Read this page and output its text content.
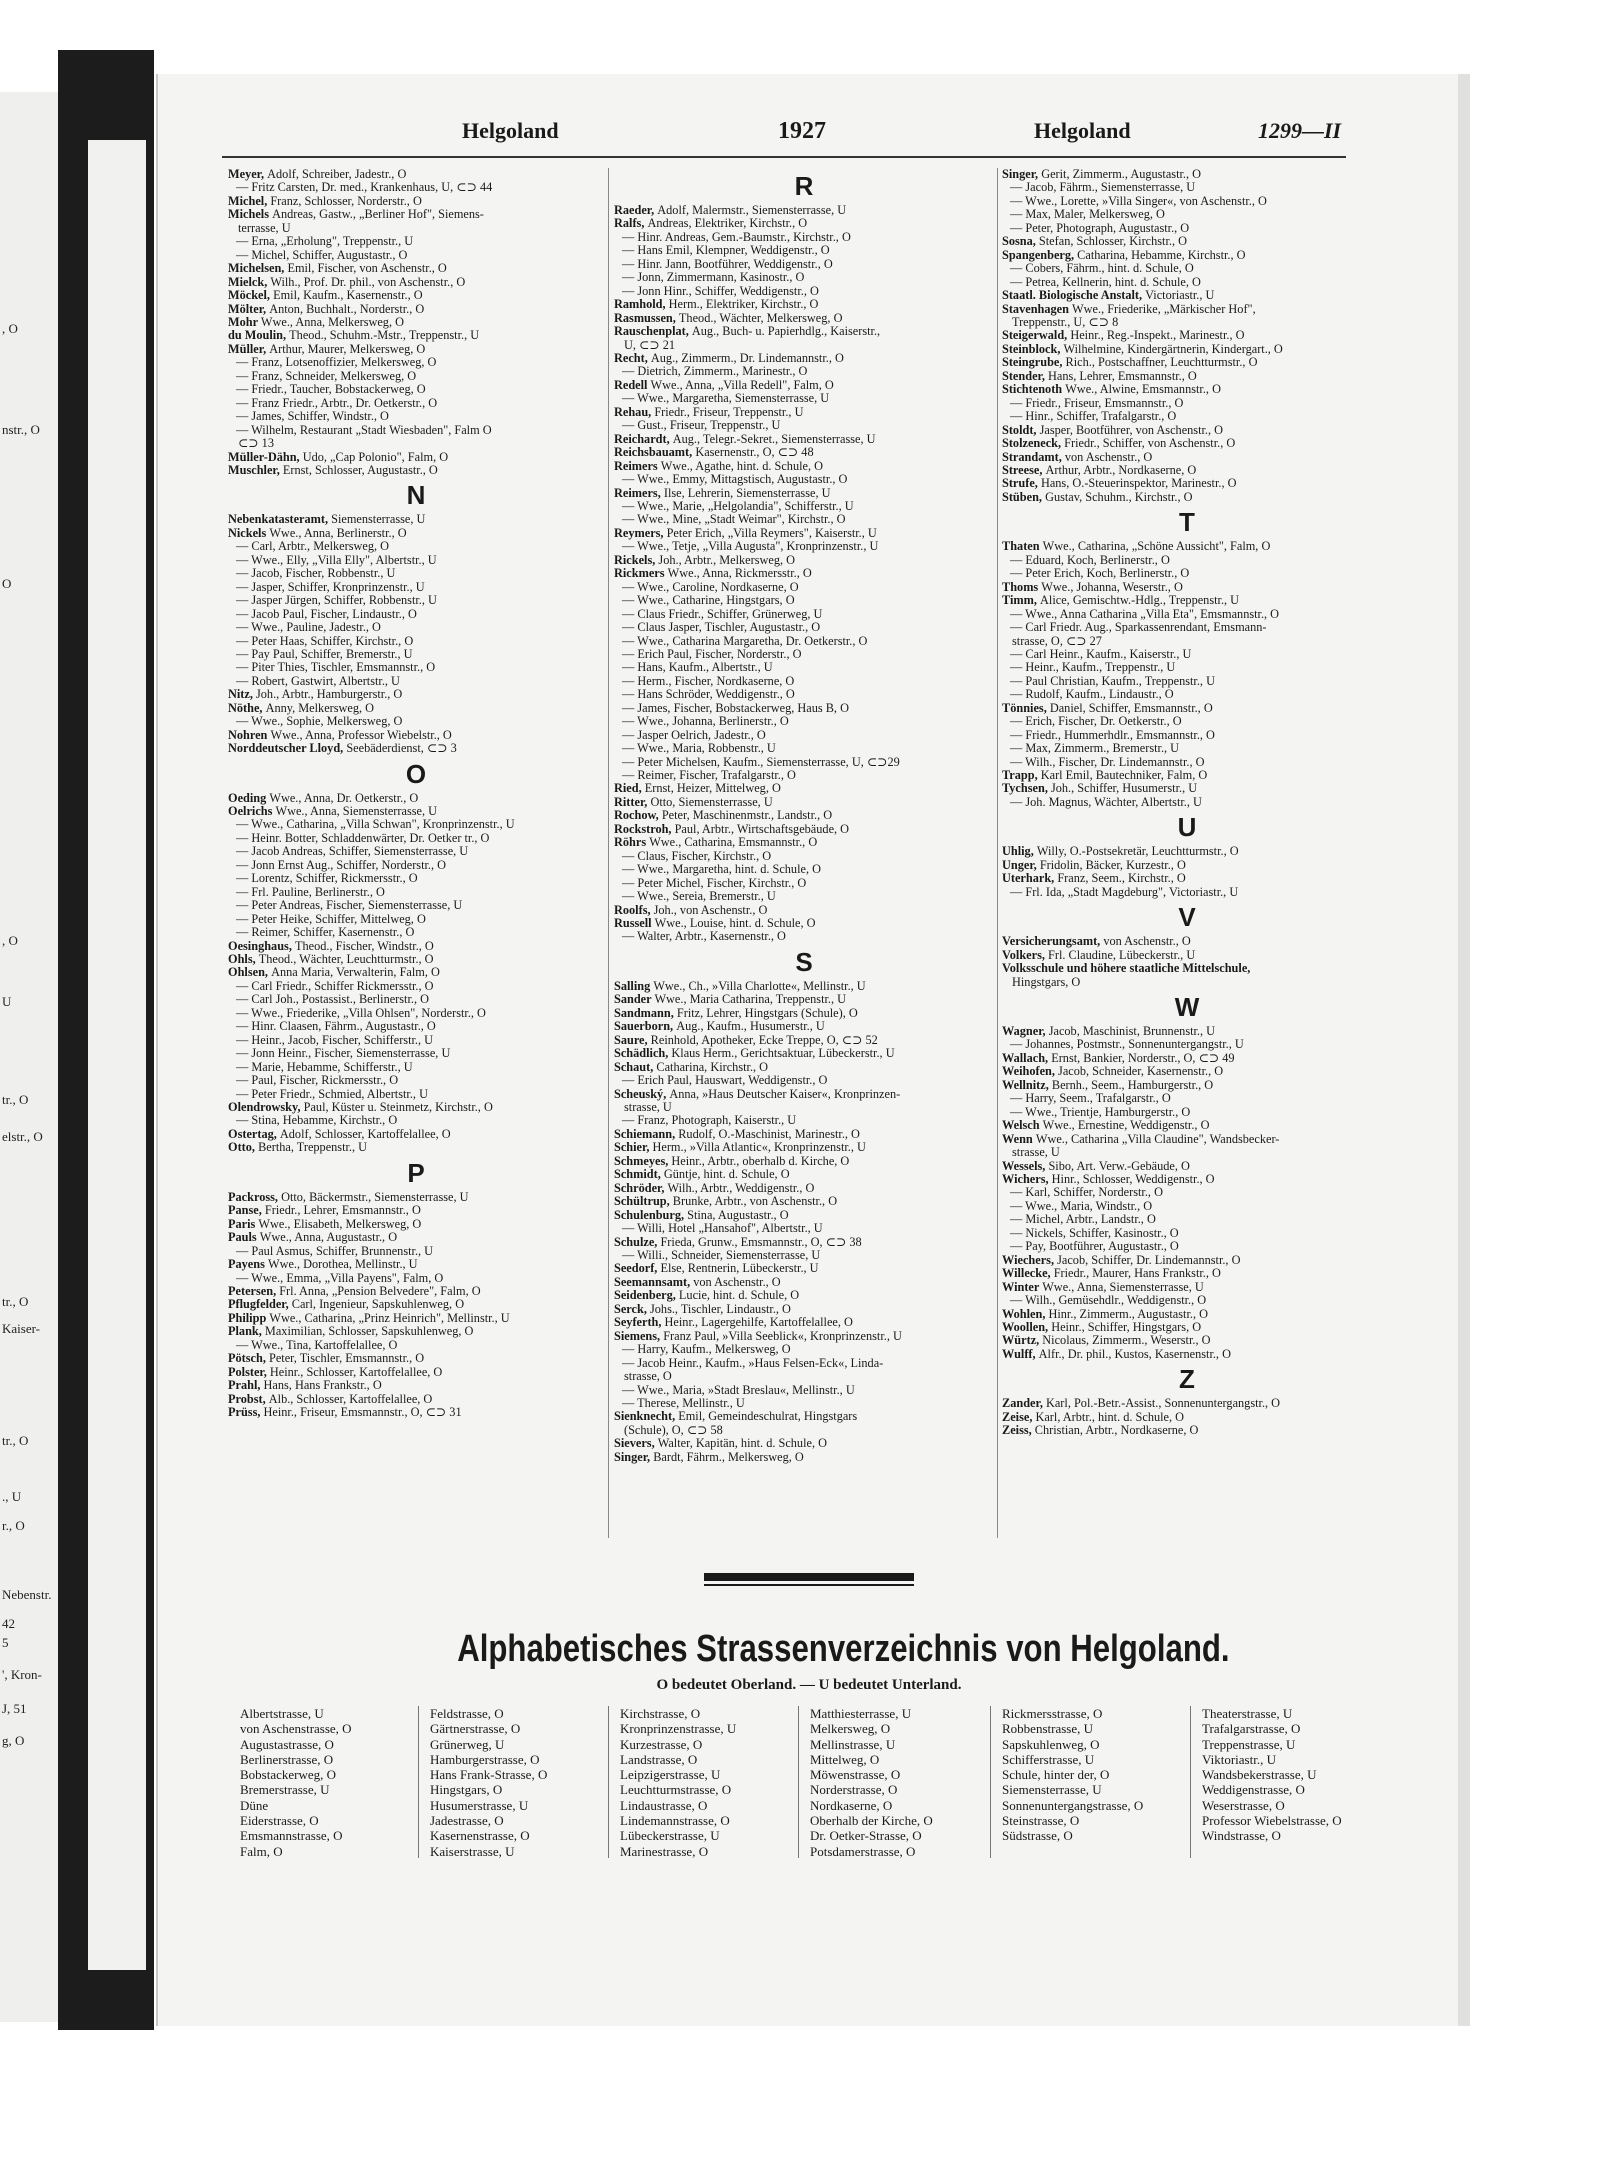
, O
nstr., O
O
, O
U
tr., O
elstr., O
tr., O
Kaiser-
tr., O
., U
r., O
Nebenstr.
42
5
', Kron-
J, 51
g, O
Helgoland	1927	Helgoland	1299—II
Meyer, Adolf, Schreiber, Jadestr., O
— Fritz Carsten, Dr. med., Krankenhaus, U, ⊂⊃ 44
Michel, Franz, Schlosser, Norderstr., O
Michels Andreas, Gastw., „Berliner Hof", Siemens-
terrasse, U
— Erna, „Erholung", Treppenstr., U
— Michel, Schiffer, Augustastr., O
Michelsen, Emil, Fischer, von Aschenstr., O
Mielck, Wilh., Prof. Dr. phil., von Aschenstr., O
Möckel, Emil, Kaufm., Kasernenstr., O
Mölter, Anton, Buchhalt., Norderstr., O
Mohr Wwe., Anna, Melkersweg, O
du Moulin, Theod., Schuhm.-Mstr., Treppenstr., U
Müller, Arthur, Maurer, Melkersweg, O
— Franz, Lotsenoffizier, Melkersweg, O
— Franz, Schneider, Melkersweg, O
— Friedr., Taucher, Bobstackerweg, O
— Franz Friedr., Arbtr., Dr. Oetkerstr., O
— James, Schiffer, Windstr., O
— Wilhelm, Restaurant „Stadt Wiesbaden", Falm O
⊂⊃ 13
Müller-Dähn, Udo, „Cap Polonio", Falm, O
Muschler, Ernst, Schlosser, Augustastr., O
N
Nebenkatasteramt, Siemensterrasse, U
Nickels Wwe., Anna, Berlinerstr., O
— Carl, Arbtr., Melkersweg, O
— Wwe., Elly, „Villa Elly", Albertstr., U
— Jacob, Fischer, Robbenstr., U
— Jasper, Schiffer, Kronprinzenstr., U
— Jasper Jürgen, Schiffer, Robbenstr., U
— Jacob Paul, Fischer, Lindaustr., O
— Wwe., Pauline, Jadestr., O
— Peter Haas, Schiffer, Kirchstr., O
— Pay Paul, Schiffer, Bremerstr., U
— Piter Thies, Tischler, Emsmannstr., O
— Robert, Gastwirt, Albertstr., U
Nitz, Joh., Arbtr., Hamburgerstr., O
Nöthe, Anny, Melkersweg, O
— Wwe., Sophie, Melkersweg, O
Nohren Wwe., Anna, Professor Wiebelstr., O
Norddeutscher Lloyd, Seebäderdienst, ⊂⊃ 3
O
Oeding Wwe., Anna, Dr. Oetkerstr., O
Oelrichs Wwe., Anna, Siemensterrasse, U
— Wwe., Catharina, „Villa Schwan", Kronprinzenstr., U
— Heinr. Botter, Schladdenwärter, Dr. Oetker tr., O
— Jacob Andreas, Schiffer, Siemensterrasse, U
— Jonn Ernst Aug., Schiffer, Norderstr., O
— Lorentz, Schiffer, Rickmersstr., O
— Frl. Pauline, Berlinerstr., O
— Peter Andreas, Fischer, Siemensterrasse, U
— Peter Heike, Schiffer, Mittelweg, O
— Reimer, Schiffer, Kasernenstr., O
Oesinghaus, Theod., Fischer, Windstr., O
Ohls, Theod., Wächter, Leuchtturmstr., O
Ohlsen, Anna Maria, Verwalterin, Falm, O
— Carl Friedr., Schiffer Rickmersstr., O
— Carl Joh., Postassist., Berlinerstr., O
— Wwe., Friederike, „Villa Ohlsen", Norderstr., O
— Hinr. Claasen, Fährm., Augustastr., O
— Heinr., Jacob, Fischer, Schifferstr., U
— Jonn Heinr., Fischer, Siemensterrasse, U
— Marie, Hebamme, Schifferstr., U
— Paul, Fischer, Rickmersstr., O
— Peter Friedr., Schmied, Albertstr., U
Olendrowsky, Paul, Küster u. Steinmetz, Kirchstr., O
— Stina, Hebamme, Kirchstr., O
Ostertag, Adolf, Schlosser, Kartoffelallee, O
Otto, Bertha, Treppenstr., U
P
Packross, Otto, Bäckermstr., Siemensterrasse, U
Panse, Friedr., Lehrer, Emsmannstr., O
Paris Wwe., Elisabeth, Melkersweg, O
Pauls Wwe., Anna, Augustastr., O
— Paul Asmus, Schiffer, Brunnenstr., U
Payens Wwe., Dorothea, Mellinstr., U
— Wwe., Emma, „Villa Payens", Falm, O
Petersen, Frl. Anna, „Pension Belvedere", Falm, O
Pflugfelder, Carl, Ingenieur, Sapskuhlenweg, O
Philipp Wwe., Catharina, „Prinz Heinrich", Mellinstr., U
Plank, Maximilian, Schlosser, Sapskuhlenweg, O
— Wwe., Tina, Kartoffelallee, O
Pötsch, Peter, Tischler, Emsmannstr., O
Polster, Heinr., Schlosser, Kartoffelallee, O
Prahl, Hans, Hans Frankstr., O
Probst, Alb., Schlosser, Kartoffelallee, O
Prüss, Heinr., Friseur, Emsmannstr., O, ⊂⊃ 31
R
Raeder, Adolf, Malermstr., Siemensterrasse, U
Ralfs, Andreas, Elektriker, Kirchstr., O
— Hinr. Andreas, Gem.-Baumstr., Kirchstr., O
— Hans Emil, Klempner, Weddigenstr., O
— Hinr. Jann, Bootführer, Weddigenstr., O
— Jonn, Zimmermann, Kasinostr., O
— Jonn Hinr., Schiffer, Weddigenstr., O
Ramhold, Herm., Elektriker, Kirchstr., O
Rasmussen, Theod., Wächter, Melkersweg, O
Rauschenplat, Aug., Buch- u. Papierhdlg., Kaiserstr.,
U, ⊂⊃ 21
Recht, Aug., Zimmerm., Dr. Lindemannstr., O
— Dietrich, Zimmerm., Marinestr., O
Redell Wwe., Anna, „Villa Redell", Falm, O
— Wwe., Margaretha, Siemensterrasse, U
Rehau, Friedr., Friseur, Treppenstr., U
— Gust., Friseur, Treppenstr., U
Reichardt, Aug., Telegr.-Sekret., Siemensterrasse, U
Reichsbauamt, Kasernenstr., O, ⊂⊃ 48
Reimers Wwe., Agathe, hint. d. Schule, O
— Wwe., Emmy, Mittagstisch, Augustastr., O
Reimers, Ilse, Lehrerin, Siemensterrasse, U
— Wwe., Marie, „Helgolandia", Schifferstr., U
— Wwe., Mine, „Stadt Weimar", Kirchstr., O
Reymers, Peter Erich, „Villa Reymers", Kaiserstr., U
— Wwe., Tetje, „Villa Augusta", Kronprinzenstr., U
Rickels, Joh., Arbtr., Melkersweg, O
Rickmers Wwe., Anna, Rickmersstr., O
— Wwe., Caroline, Nordkaserne, O
— Wwe., Catharine, Hingstgars, O
— Claus Friedr., Schiffer, Grünerweg, U
— Claus Jasper, Tischler, Augustastr., O
— Wwe., Catharina Margaretha, Dr. Oetkerstr., O
— Erich Paul, Fischer, Norderstr., O
— Hans, Kaufm., Albertstr., U
— Herm., Fischer, Nordkaserne, O
— Hans Schröder, Weddigenstr., O
— James, Fischer, Bobstackerweg, Haus B, O
— Wwe., Johanna, Berlinerstr., O
— Jasper Oelrich, Jadestr., O
— Wwe., Maria, Robbenstr., U
— Peter Michelsen, Kaufm., Siemensterrasse, U, ⊂⊃29
— Reimer, Fischer, Trafalgarstr., O
Ried, Ernst, Heizer, Mittelweg, O
Ritter, Otto, Siemensterrasse, U
Rochow, Peter, Maschinenmstr., Landstr., O
Rockstroh, Paul, Arbtr., Wirtschaftsgebäude, O
Röhrs Wwe., Catharina, Emsmannstr., O
— Claus, Fischer, Kirchstr., O
— Wwe., Margaretha, hint. d. Schule, O
— Peter Michel, Fischer, Kirchstr., O
— Wwe., Sereia, Bremerstr., U
Roolfs, Joh., von Aschenstr., O
Russell Wwe., Louise, hint. d. Schule, O
— Walter, Arbtr., Kasernenstr., O
S
Salling Wwe., Ch., »Villa Charlotte«, Mellinstr., U
Sander Wwe., Maria Catharina, Treppenstr., U
Sandmann, Fritz, Lehrer, Hingstgars (Schule), O
Sauerborn, Aug., Kaufm., Husumerstr., U
Saure, Reinhold, Apotheker, Ecke Treppe, O, ⊂⊃ 52
Schädlich, Klaus Herm., Gerichtsaktuar, Lübeckerstr., U
Schaut, Catharina, Kirchstr., O
— Erich Paul, Hauswart, Weddigenstr., O
Scheuský, Anna, »Haus Deutscher Kaiser«, Kronprinzen-
strasse, U
— Franz, Photograph, Kaiserstr., U
Schiemann, Rudolf, O.-Maschinist, Marinestr., O
Schier, Herm., »Villa Atlantic«, Kronprinzenstr., U
Schmeyes, Heinr., Arbtr., oberhalb d. Kirche, O
Schmidt, Güntje, hint. d. Schule, O
Schröder, Wilh., Arbtr., Weddigenstr., O
Schültrup, Brunke, Arbtr., von Aschenstr., O
Schulenburg, Stina, Augustastr., O
— Willi, Hotel „Hansahof", Albertstr., U
Schulze, Frieda, Grunw., Emsmannstr., O, ⊂⊃ 38
— Willi., Schneider, Siemensterrasse, U
Seedorf, Else, Rentnerin, Lübeckerstr., U
Seemannsamt, von Aschenstr., O
Seidenberg, Lucie, hint. d. Schule, O
Serck, Johs., Tischler, Lindaustr., O
Seyferth, Heinr., Lagergehilfe, Kartoffelallee, O
Siemens, Franz Paul, »Villa Seeblick«, Kronprinzenstr., U
— Harry, Kaufm., Melkersweg, O
— Jacob Heinr., Kaufm., »Haus Felsen-Eck«, Linda-
strasse, O
— Wwe., Maria, »Stadt Breslau«, Mellinstr., U
— Therese, Mellinstr., U
Sienknecht, Emil, Gemeindeschulrat, Hingstgars
(Schule), O, ⊂⊃ 58
Sievers, Walter, Kapitän, hint. d. Schule, O
Singer, Bardt, Fährm., Melkersweg, O
Singer, Gerit, Zimmerm., Augustastr., O
— Jacob, Fährm., Siemensterrasse, U
— Wwe., Lorette, »Villa Singer«, von Aschenstr., O
— Max, Maler, Melkersweg, O
— Peter, Photograph, Augustastr., O
Sosna, Stefan, Schlosser, Kirchstr., O
Spangenberg, Catharina, Hebamme, Kirchstr., O
— Cobers, Fährm., hint. d. Schule, O
— Petrea, Kellnerin, hint. d. Schule, O
Staatl. Biologische Anstalt, Victoriastr., U
Stavenhagen Wwe., Friederike, „Märkischer Hof",
Treppenstr., U, ⊂⊃ 8
Steigerwald, Heinr., Reg.-Inspekt., Marinestr., O
Steinblock, Wilhelmine, Kindergärtnerin, Kindergart., O
Steingrube, Rich., Postschaffner, Leuchtturmstr., O
Stender, Hans, Lehrer, Emsmannstr., O
Stichtenoth Wwe., Alwine, Emsmannstr., O
— Friedr., Friseur, Emsmannstr., O
— Hinr., Schiffer, Trafalgarstr., O
Stoldt, Jasper, Bootführer, von Aschenstr., O
Stolzeneck, Friedr., Schiffer, von Aschenstr., O
Strandamt, von Aschenstr., O
Streese, Arthur, Arbtr., Nordkaserne, O
Strufe, Hans, O.-Steuerinspektor, Marinestr., O
Stüben, Gustav, Schuhm., Kirchstr., O
T
Thaten Wwe., Catharina, „Schöne Aussicht", Falm, O
— Eduard, Koch, Berlinerstr., O
— Peter Erich, Koch, Berlinerstr., O
Thoms Wwe., Johanna, Weserstr., O
Timm, Alice, Gemischtw.-Hdlg., Treppenstr., U
— Wwe., Anna Catharina „Villa Eta", Emsmannstr., O
— Carl Friedr. Aug., Sparkassenrendant, Emsmann-
strasse, O, ⊂⊃ 27
— Carl Heinr., Kaufm., Kaiserstr., U
— Heinr., Kaufm., Treppenstr., U
— Paul Christian, Kaufm., Treppenstr., U
— Rudolf, Kaufm., Lindaustr., O
Tönnies, Daniel, Schiffer, Emsmannstr., O
— Erich, Fischer, Dr. Oetkerstr., O
— Friedr., Hummerhdlr., Emsmannstr., O
— Max, Zimmerm., Bremerstr., U
— Wilh., Fischer, Dr. Lindemannstr., O
Trapp, Karl Emil, Bautechniker, Falm, O
Tychsen, Joh., Schiffer, Husumerstr., U
— Joh. Magnus, Wächter, Albertstr., U
U
Uhlig, Willy, O.-Postsekretär, Leuchtturmstr., O
Unger, Fridolin, Bäcker, Kurzestr., O
Uterhark, Franz, Seem., Kirchstr., O
— Frl. Ida, „Stadt Magdeburg", Victoriastr., U
V
Versicherungsamt, von Aschenstr., O
Volkers, Frl. Claudine, Lübeckerstr., U
Volksschule und höhere staatliche Mittelschule,
Hingstgars, O
W
Wagner, Jacob, Maschinist, Brunnenstr., U
— Johannes, Postmstr., Sonnenuntergangstr., U
Wallach, Ernst, Bankier, Norderstr., O, ⊂⊃ 49
Weihofen, Jacob, Schneider, Kasernenstr., O
Wellnitz, Bernh., Seem., Hamburgerstr., O
— Harry, Seem., Trafalgarstr., O
— Wwe., Trientje, Hamburgerstr., O
Welsch Wwe., Ernestine, Weddigenstr., O
Wenn Wwe., Catharina „Villa Claudine", Wandsbecker-
strasse, U
Wessels, Sibo, Art. Verw.-Gebäude, O
Wichers, Hinr., Schlosser, Weddigenstr., O
— Karl, Schiffer, Norderstr., O
— Wwe., Maria, Windstr., O
— Michel, Arbtr., Landstr., O
— Nickels, Schiffer, Kasinostr., O
— Pay, Bootführer, Augustastr., O
Wiechers, Jacob, Schiffer, Dr. Lindemannstr., O
Willecke, Friedr., Maurer, Hans Frankstr., O
Winter Wwe., Anna, Siemensterrasse, U
— Wilh., Gemüsehdlr., Weddigenstr., O
Wohlen, Hinr., Zimmerm., Augustastr., O
Woollen, Heinr., Schiffer, Hingstgars, O
Würtz, Nicolaus, Zimmerm., Weserstr., O
Wulff, Alfr., Dr. phil., Kustos, Kasernenstr., O
Z
Zander, Karl, Pol.-Betr.-Assist., Sonnenuntergangstr., O
Zeise, Karl, Arbtr., hint. d. Schule, O
Zeiss, Christian, Arbtr., Nordkaserne, O
Alphabetisches Strassenverzeichnis von Helgoland.
O bedeutet Oberland. — U bedeutet Unterland.
Albertstrasse, U
von Aschenstrasse, O
Augustastrasse, O
Berlinerstrasse, O
Bobstackerweg, O
Bremerstrasse, U
Düne
Eiderstrasse, O
Emsmannstrasse, O
Falm, O
Feldstrasse, O
Gärtnerstrasse, O
Grünerweg, U
Hamburgerstrasse, O
Hans Frank-Strasse, O
Hingstgars, O
Husumerstrasse, U
Jadestrasse, O
Kasernenstrasse, O
Kaiserstrasse, U
Kirchstrasse, O
Kronprinzenstrasse, U
Kurzestrasse, O
Landstrasse, O
Leipzigerstrasse, U
Leuchtturmstrasse, O
Lindaustrasse, O
Lindemannstrasse, O
Lübeckerstrasse, U
Marinestrasse, O
Matthiesterrasse, U
Melkersweg, O
Mellinstrasse, U
Mittelweg, O
Möwenstrasse, O
Norderstrasse, O
Nordkaserne, O
Oberhalb der Kirche, O
Dr. Oetker-Strasse, O
Potsdamerstrasse, O
Rickmersstrasse, O
Robbenstrasse, U
Sapskuhlenweg, O
Schifferstrasse, U
Schule, hinter der, O
Siemensterrasse, U
Sonnenuntergangstrasse, O
Steinstrasse, O
Südstrasse, O
Theaterstrasse, U
Trafalgarstrasse, O
Treppenstrasse, U
Viktoriastr., U
Wandsbekerstrasse, U
Weddigenstrasse, O
Weserstrasse, O
Professor Wiebelstrasse, O
Windstrasse, O
